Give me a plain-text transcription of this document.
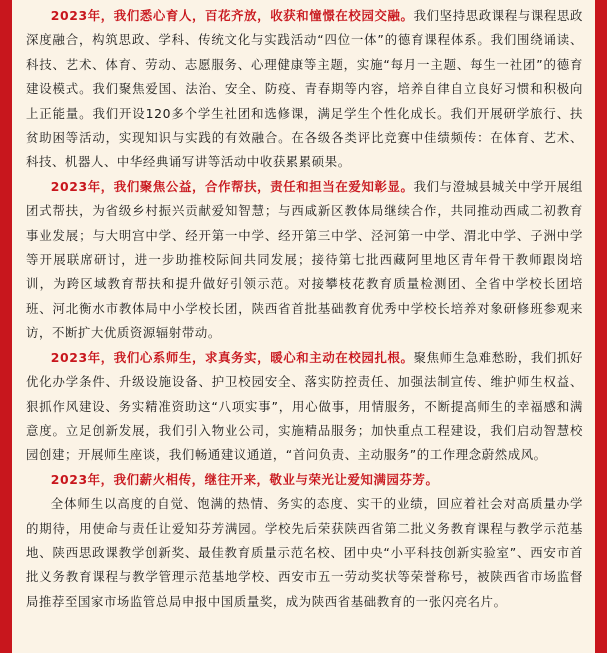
2023年，我们悉心育人，百花齐放，收获和憧憬在校园交融。我们坚持思政课程与课程思政深度融合，构筑思政、学科、传统文化与实践活动“四位一体”的德育课程体系。我们围绕诵读、科技、艺术、体育、劳动、志愿服务、心理健康等主题，实施“每月一主题、每生一社团”的德育建设模式。我们聚焦爱国、法治、安全、防疫、青春期等内容，培养自律自立良好习惯和积极向上正能量。我们开设120多个学生社团和选修课，满足学生个性化成长。我们开展研学旅行、扶贫助困等活动，实现知识与实践的有效融合。在各级各类评比竞赛中佳绩频传：在体育、艺术、科技、机器人、中华经典诵写讲等活动中收获累累硕果。

2023年，我们聚焦公益，合作帮扶，责任和担当在爱知彰显。我们与澄城县城关中学开展组团式帮扶，为省级乡村振兴贡献爱知智慧；与西咸新区教体局继续合作，共同推动西咸二初教育事业发展；与大明宫中学、经开第一中学、经开第三中学、泾河第一中学、渭北中学、子洲中学等开展联席研讨，进一步助推校际间共同发展；接待第七批西藏阿里地区青年骨干教师跟岗培训，为跨区域教育帮扶和提升做好引领示范。对接攀枝花教育质量检测团、全省中学校长团培班、河北衡水市教体局中小学校长团，陕西省首批基础教育优秀中学校长培养对象研修班参观来访，不断扩大优质资源辐射带动。

2023年，我们心系师生，求真务实，暖心和主动在校园扎根。聚焦师生急难愁盼，我们抓好优化办学条件、升级设施设备、护卫校园安全、落实防控责任、加强法制宣传、维护师生权益、狠抓作风建设、务实精准资助这“八项实事”，用心做事，用情服务，不断提高师生的幸福感和满意度。立足创新发展，我们引入物业公司，实施精品服务；加快重点工程建设，我们启动智慧校园创建；开展师生座谈，我们畅通建议通道，“首问负责、主动服务”的工作理念蔚然成风。

2023年，我们薪火相传，继往开来，敬业与荣光让爱知满园芬芳。

全体师生以高度的自觉、饱满的热情、务实的态度、实干的业绩，回应着社会对高质量办学的期待，用使命与责任让爱知芬芳满园。学校先后荣获陕西省第二批义务教育课程与教学示范基地、陕西思政课教学创新奖、最佳教育质量示范名校、团中央“小平科技创新实验室”、西安市首批义务教育课程与教学管理示范基地学校、西安市五一劳动奖状等荣誉称号，被陕西省市场监督局推荐至国家市场监管总局申报中国质量奖，成为陕西省基础教育的一张闪亮名片。
